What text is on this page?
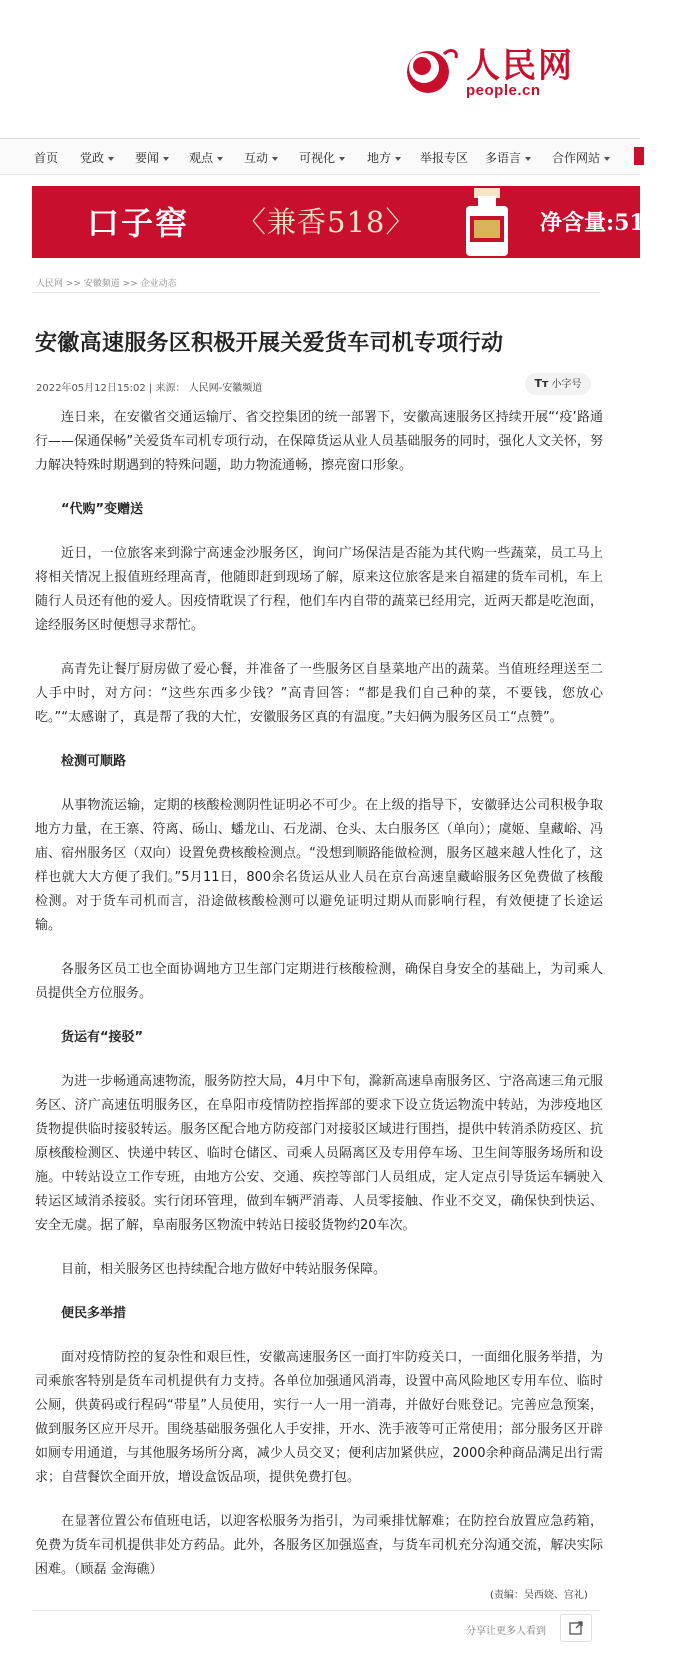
人民网
people.cn
首页 党政	要闻	观点	互动	可视化	地方	举报专区 多语言	合作网站
口子窖 〈兼香518〉	净含量:518ml
人民网 >> 安徽频道 >> 企业动态
安徽高速服务区积极开展关爱货车司机专项行动
2022年05月12日15:02 | 来源： 人民网-安徽频道	Tт 小字号

连日来，在安徽省交通运输厅、省交控集团的统一部署下，安徽高速服务区持续开展“‘疫’路通行——保通保畅”关爱货车司机专项行动，在保障货运从业人员基础服务的同时，强化人文关怀，努力解决特殊时期遇到的特殊问题，助力物流通畅，擦亮窗口形象。

“代购”变赠送

近日，一位旅客来到滁宁高速金沙服务区，询问广场保洁是否能为其代购一些蔬菜，员工马上将相关情况上报值班经理高青，他随即赶到现场了解，原来这位旅客是来自福建的货车司机，车上随行人员还有他的爱人。因疫情耽误了行程，他们车内自带的蔬菜已经用完，近两天都是吃泡面，途经服务区时便想寻求帮忙。

高青先让餐厅厨房做了爱心餐，并准备了一些服务区自垦菜地产出的蔬菜。当值班经理送至二人手中时，对方问：“这些东西多少钱？”高青回答：“都是我们自己种的菜，不要钱，您放心吃。”“太感谢了，真是帮了我的大忙，安徽服务区真的有温度。”夫妇俩为服务区员工“点赞”。

检测可顺路

从事物流运输，定期的核酸检测阴性证明必不可少。在上级的指导下，安徽驿达公司积极争取地方力量，在王寨、符离、砀山、蟠龙山、石龙湖、仓头、太白服务区（单向）；虞姬、皇藏峪、冯庙、宿州服务区（双向）设置免费核酸检测点。“没想到顺路能做检测，服务区越来越人性化了，这样也就大大方便了我们。”5月11日，800余名货运从业人员在京台高速皇藏峪服务区免费做了核酸检测。对于货车司机而言，沿途做核酸检测可以避免证明过期从而影响行程，有效便捷了长途运输。

各服务区员工也全面协调地方卫生部门定期进行核酸检测，确保自身安全的基础上，为司乘人员提供全方位服务。

货运有“接驳”

为进一步畅通高速物流，服务防控大局，4月中下旬，滁新高速阜南服务区、宁洛高速三角元服务区、济广高速伍明服务区，在阜阳市疫情防控指挥部的要求下设立货运物流中转站，为涉疫地区货物提供临时接驳转运。服务区配合地方防疫部门对接驳区域进行围挡，提供中转消杀防疫区、抗原核酸检测区、快递中转区、临时仓储区、司乘人员隔离区及专用停车场、卫生间等服务场所和设施。中转站设立工作专班，由地方公安、交通、疾控等部门人员组成，定人定点引导货运车辆驶入转运区域消杀接驳。实行闭环管理，做到车辆严消毒、人员零接触、作业不交叉，确保快到快运、安全无虞。据了解，阜南服务区物流中转站日接驳货物约20车次。

目前，相关服务区也持续配合地方做好中转站服务保障。

便民多举措

面对疫情防控的复杂性和艰巨性，安徽高速服务区一面打牢防疫关口，一面细化服务举措，为司乘旅客特别是货车司机提供有力支持。各单位加强通风消毒，设置中高风险地区专用车位、临时公厕，供黄码或行程码“带星”人员使用，实行一人一用一消毒，并做好台账登记。完善应急预案，做到服务区应开尽开。围绕基础服务强化人手安排，开水、洗手液等可正常使用；部分服务区开辟如厕专用通道，与其他服务场所分离，减少人员交叉；便利店加紧供应，2000余种商品满足出行需求；自营餐饮全面开放，增设盒饭品项，提供免费打包。

在显著位置公布值班电话，以迎客松服务为指引，为司乘排忧解难；在防控台放置应急药箱，免费为货车司机提供非处方药品。此外，各服务区加强巡查，与货车司机充分沟通交流，解决实际困难。（顾磊 金海礁）

(责编：吴西娆、宫礼)
分享让更多人看到
